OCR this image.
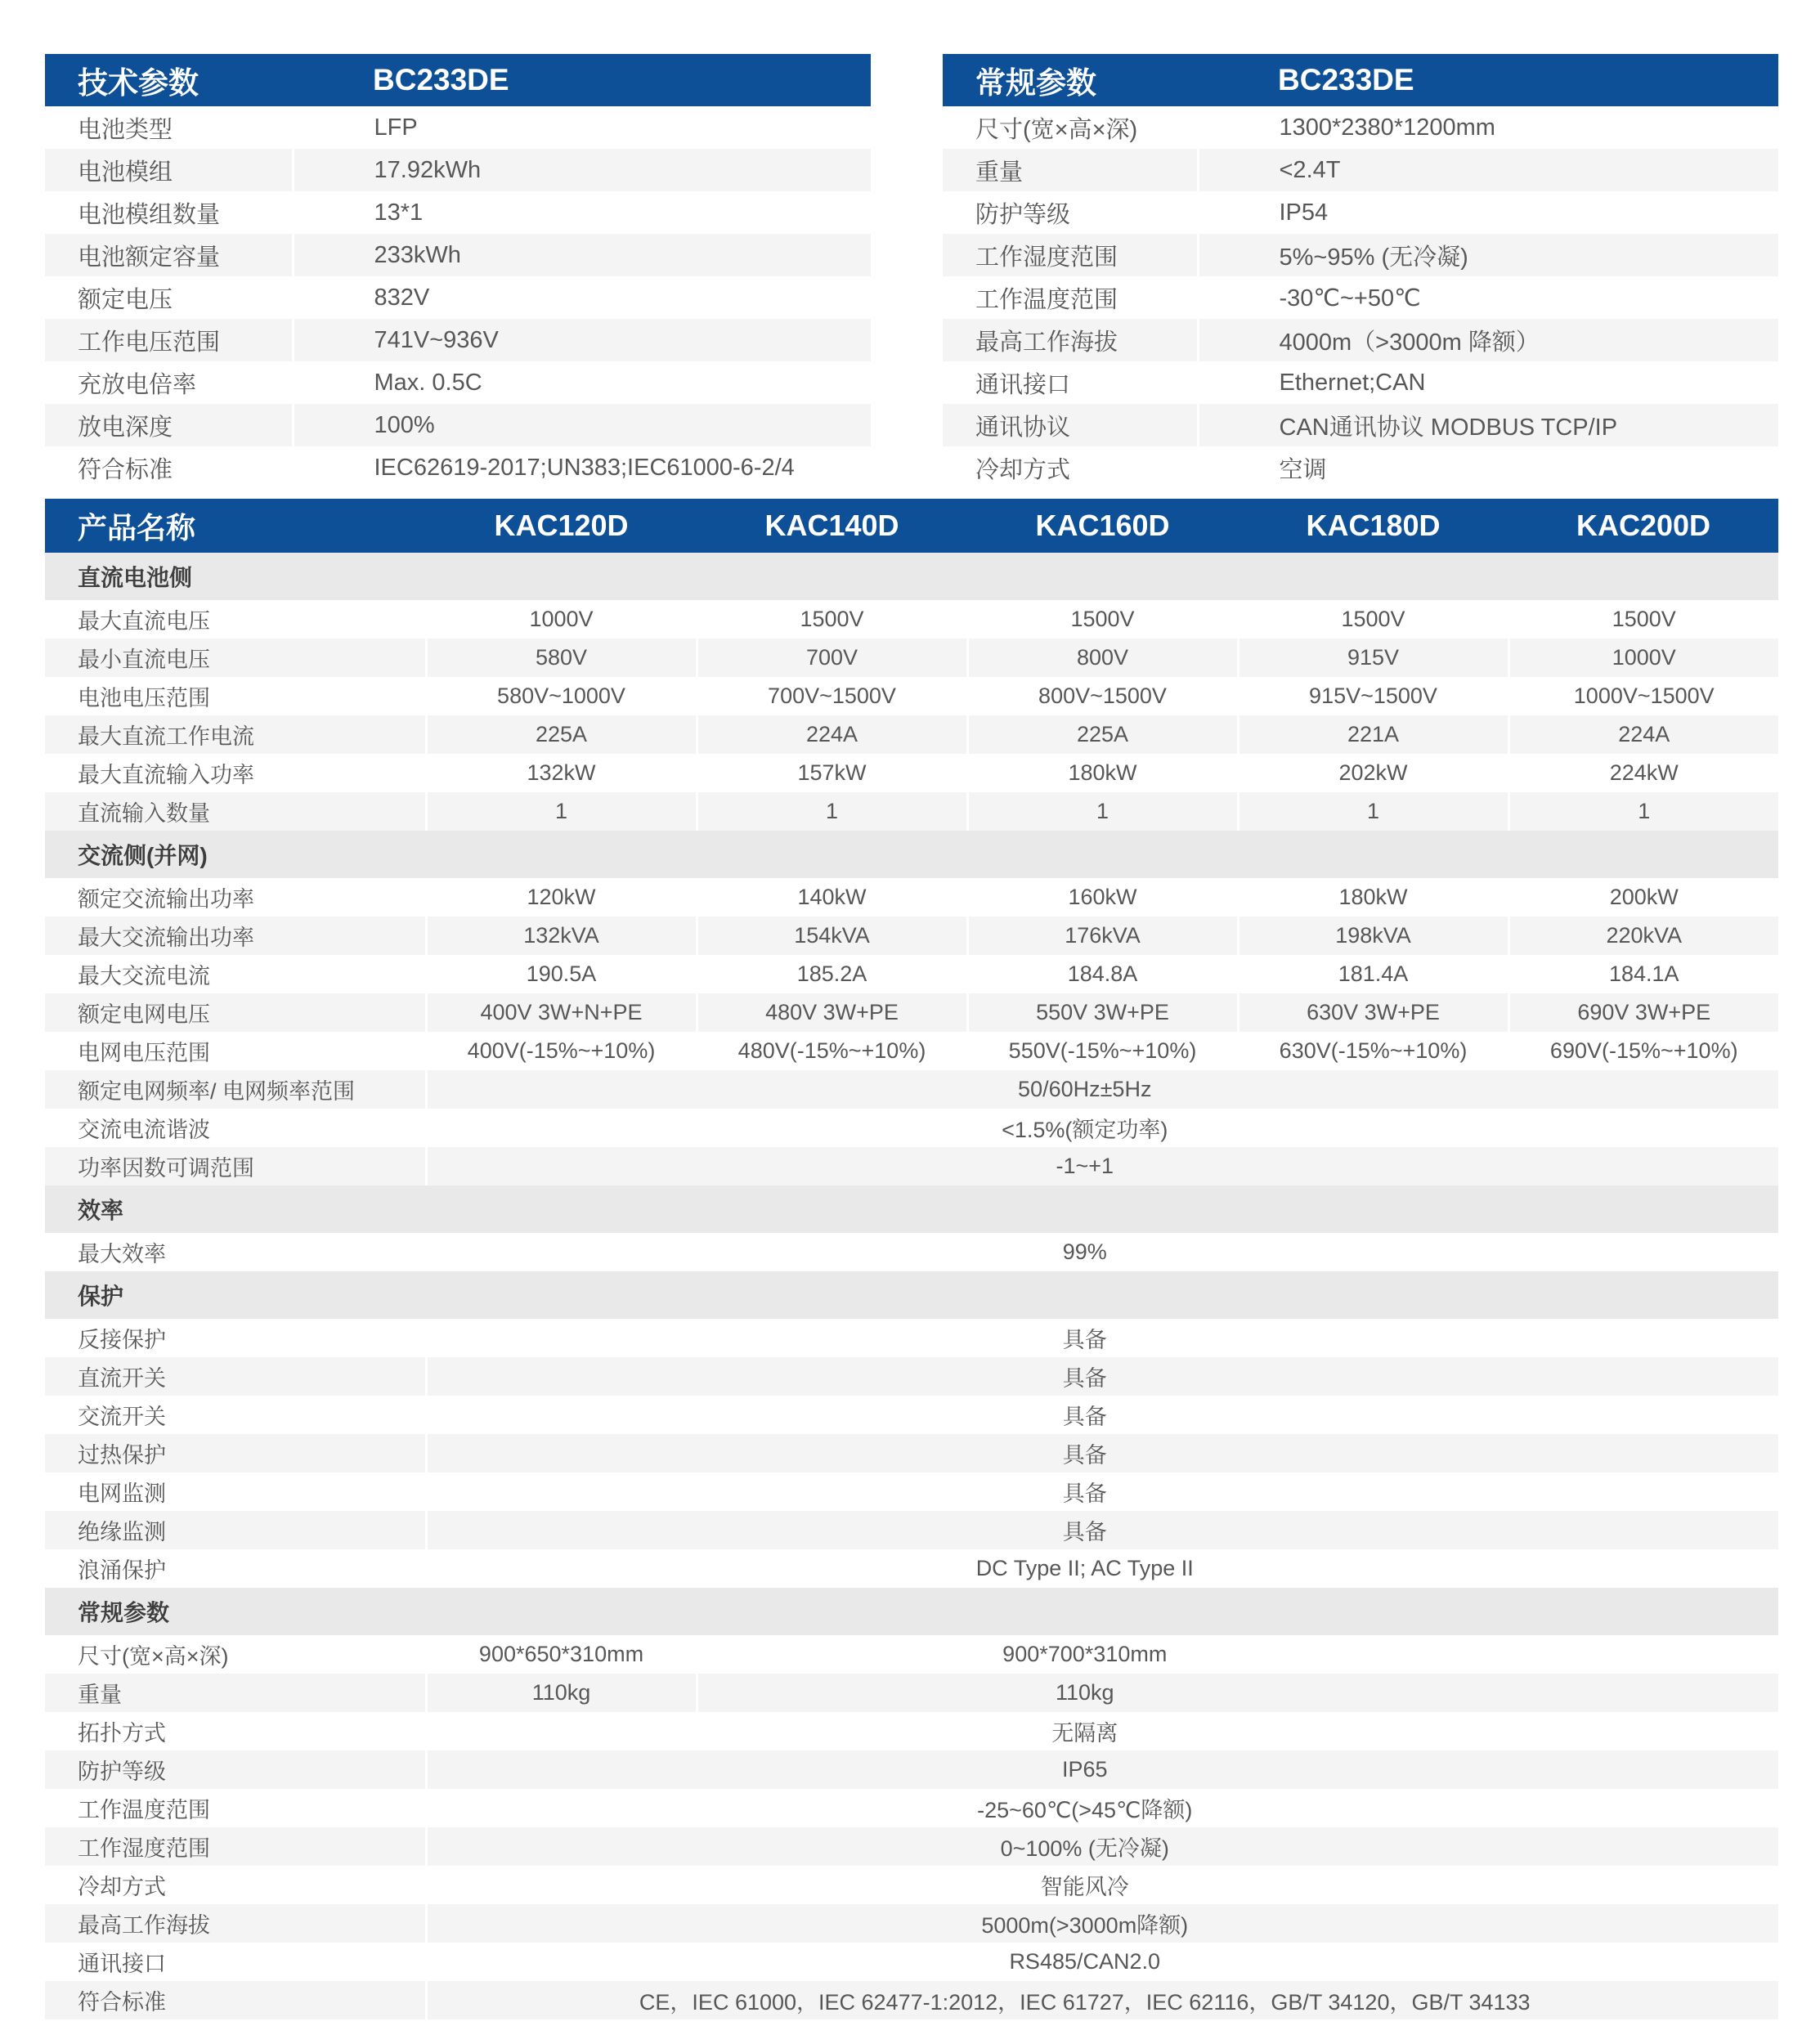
技术参数	BC233DE
电池类型	LFP
电池模组	17.92kWh
电池模组数量	13*1
电池额定容量	233kWh
额定电压	832V
工作电压范围	741V~936V
充放电倍率	Max. 0.5C
放电深度	100%
符合标准	IEC62619-2017;UN383;IEC61000-6-2/4
常规参数	BC233DE
尺寸(宽×高×深)	1300*2380*1200mm
重量	<2.4T
防护等级	IP54
工作湿度范围	5%~95% (无冷凝)
工作温度范围	-30℃~+50℃
最高工作海拔	4000m（>3000m 降额）
通讯接口	Ethernet;CAN
通讯协议	CAN通讯协议 MODBUS TCP/IP
冷却方式	空调
产品名称	KAC120D	KAC140D	KAC160D	KAC180D	KAC200D
直流电池侧					
最大直流电压	1000V	1500V	1500V	1500V	1500V
最小直流电压	580V	700V	800V	915V	1000V
电池电压范围	580V~1000V	700V~1500V	800V~1500V	915V~1500V	1000V~1500V
最大直流工作电流	225A	224A	225A	221A	224A
最大直流输入功率	132kW	157kW	180kW	202kW	224kW
直流输入数量	1	1	1	1	1
交流侧(并网)					
额定交流输出功率	120kW	140kW	160kW	180kW	200kW
最大交流输出功率	132kVA	154kVA	176kVA	198kVA	220kVA
最大交流电流	190.5A	185.2A	184.8A	181.4A	184.1A
额定电网电压	400V 3W+N+PE	480V 3W+PE	550V 3W+PE	630V 3W+PE	690V 3W+PE
电网电压范围	400V(-15%~+10%)	480V(-15%~+10%)	550V(-15%~+10%)	630V(-15%~+10%)	690V(-15%~+10%)
额定电网频率/ 电网频率范围	50/60Hz±5Hz				
交流电流谐波	<1.5%(额定功率)				
功率因数可调范围	-1~+1				
效率					
最大效率	99%				
保护					
反接保护	具备				
直流开关	具备				
交流开关	具备				
过热保护	具备				
电网监测	具备				
绝缘监测	具备				
浪涌保护	DC Type II; AC Type II				
常规参数					
尺寸(宽×高×深)	900*650*310mm	900*700*310mm			
重量	110kg	110kg			
拓扑方式	无隔离				
防护等级	IP65				
工作温度范围	-25~60℃(>45℃降额)				
工作湿度范围	0~100% (无冷凝)				
冷却方式	智能风冷				
最高工作海拔	5000m(>3000m降额)				
通讯接口	RS485/CAN2.0				
符合标准	CE，IEC 61000，IEC 62477-1:2012，IEC 61727，IEC 62116，GB/T 34120，GB/T 34133				
